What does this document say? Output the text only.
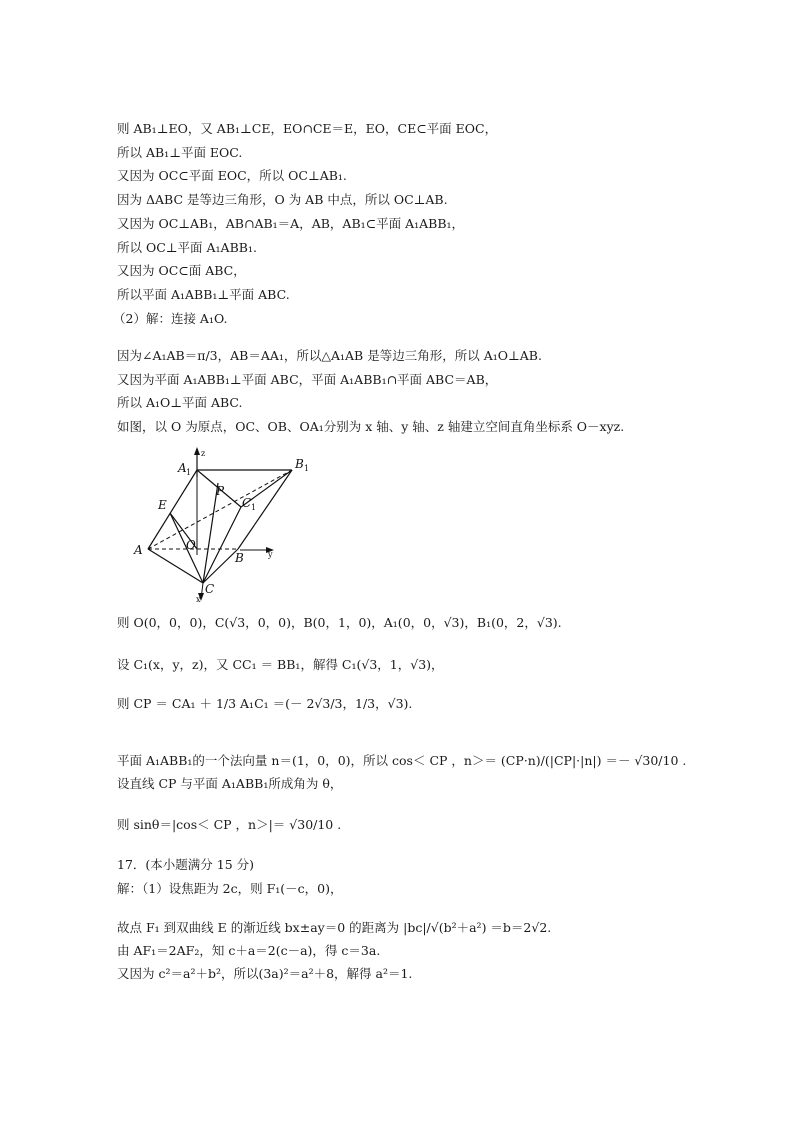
则 AB₁⊥EO，又 AB₁⊥CE，EO∩CE＝E，EO，CE⊂平面 EOC，
所以 AB₁⊥平面 EOC.
又因为 OC⊂平面 EOC，所以 OC⊥AB₁.
因为 ΔABC 是等边三角形，O 为 AB 中点，所以 OC⊥AB.
又因为 OC⊥AB₁，AB∩AB₁＝A，AB，AB₁⊂平面 A₁ABB₁，
所以 OC⊥平面 A₁ABB₁.
又因为 OC⊂面 ABC，
所以平面 A₁ABB₁⊥平面 ABC.
（2）解：连接 A₁O.
因为∠A₁AB＝π/3，AB＝AA₁，所以△A₁AB 是等边三角形，所以 A₁O⊥AB.
又因为平面 A₁ABB₁⊥平面 ABC，平面 A₁ABB₁∩平面 ABC＝AB，
所以 A₁O⊥平面 ABC.
如图，以 O 为原点，OC、OB、OA₁分别为 x 轴、y 轴、z 轴建立空间直角坐标系 O－xyz.
A 1
B 1
C 1
P
E
O
A
B
C
x
y
z
则 O(0，0，0)，C(√3，0，0)，B(0，1，0)，A₁(0，0，√3)，B₁(0，2，√3).
设 C₁(x，y，z)，又 CC₁ ＝ BB₁，解得 C₁(√3，1，√3)，
则 CP ＝ CA₁ ＋ 1/3 A₁C₁ ＝(－ 2√3/3，1/3，√3).
平面 A₁ABB₁的一个法向量 n＝(1，0，0)，所以 cos＜ CP ，n＞＝ (CP·n)/(|CP|·|n|) ＝－ √30/10 .
设直线 CP 与平面 A₁ABB₁所成角为 θ，
则 sinθ＝|cos＜ CP ，n＞|＝ √30/10 .
17．(本小题满分 15 分)
解：（1）设焦距为 2c，则 F₁(－c，0)，
故点 F₁ 到双曲线 E 的渐近线 bx±ay＝0 的距离为 |bc|/√(b²＋a²) ＝b＝2√2.
由 AF₁＝2AF₂，知 c＋a＝2(c－a)，得 c＝3a.
又因为 c²＝a²＋b²，所以(3a)²＝a²＋8，解得 a²＝1.
